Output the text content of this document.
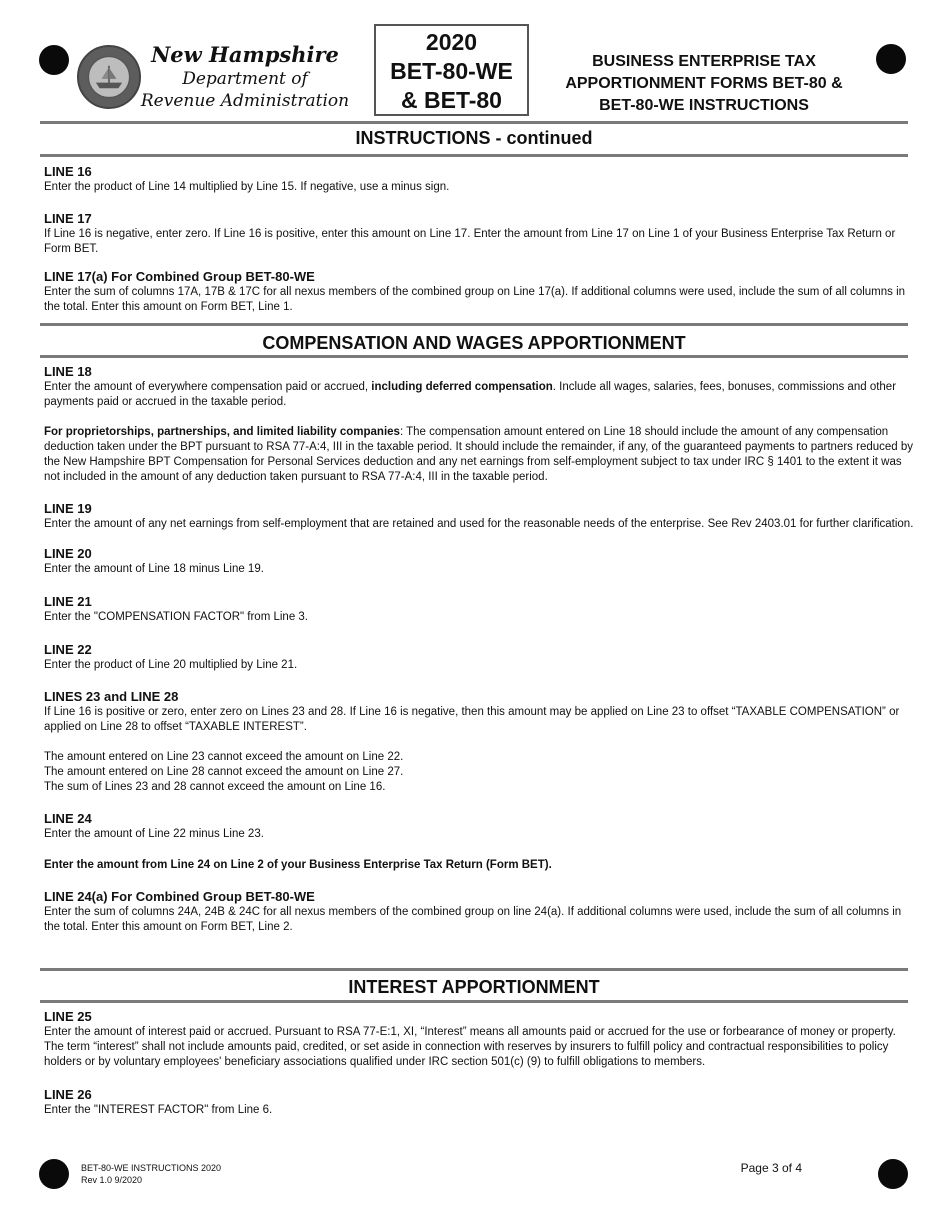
New Hampshire
Department of
Revenue Administration
2020
BET-80-WE
& BET-80
BUSINESS ENTERPRISE TAX
APPORTIONMENT FORMS BET-80 &
BET-80-WE INSTRUCTIONS
INSTRUCTIONS - continued
LINE 16

Enter the product of Line 14 multiplied by Line 15. If negative, use a minus sign.

LINE 17

If Line 16 is negative, enter zero. If Line 16 is positive, enter this amount on Line 17. Enter the amount from Line 17 on Line 1 of your Business Enterprise Tax Return or Form BET.

LINE 17(a) For Combined Group BET-80-WE

Enter the sum of columns 17A, 17B & 17C for all nexus members of the combined group on Line 17(a). If additional columns were used, include the sum of all columns in the total. Enter this amount on Form BET, Line 1.

COMPENSATION AND WAGES APPORTIONMENT
LINE 18

Enter the amount of everywhere compensation paid or accrued, including deferred compensation. Include all wages, salaries, fees, bonuses, commissions and other payments paid or accrued in the taxable period.

For proprietorships, partnerships, and limited liability companies: The compensation amount entered on Line 18 should include the amount of any compensation deduction taken under the BPT pursuant to RSA 77-A:4, III in the taxable period. It should include the remainder, if any, of the guaranteed payments to partners reduced by the New Hampshire BPT Compensation for Personal Services deduction and any net earnings from self-employment subject to tax under IRC § 1401 to the extent it was not included in the amount of any deduction taken pursuant to RSA 77-A:4, III in the taxable period.

LINE 19

Enter the amount of any net earnings from self-employment that are retained and used for the reasonable needs of the enterprise. See Rev 2403.01 for further clarification.

LINE 20

Enter the amount of Line 18 minus Line 19.

LINE 21

Enter the "COMPENSATION FACTOR" from Line 3.

LINE 22

Enter the product of Line 20 multiplied by Line 21.

LINES 23 and LINE 28

If Line 16 is positive or zero, enter zero on Lines 23 and 28. If Line 16 is negative, then this amount may be applied on Line 23 to offset “TAXABLE COMPENSATION” or applied on Line 28 to offset “TAXABLE INTEREST”.

The amount entered on Line 23 cannot exceed the amount on Line 22.

The amount entered on Line 28 cannot exceed the amount on Line 27.

The sum of Lines 23 and 28 cannot exceed the amount on Line 16.

LINE 24

Enter the amount of Line 22 minus Line 23.

Enter the amount from Line 24 on Line 2 of your Business Enterprise Tax Return (Form BET).

LINE 24(a) For Combined Group BET-80-WE

Enter the sum of columns 24A, 24B & 24C for all nexus members of the combined group on line 24(a). If additional columns were used, include the sum of all columns in the total. Enter this amount on Form BET, Line 2.

INTEREST APPORTIONMENT
LINE 25

Enter the amount of interest paid or accrued. Pursuant to RSA 77-E:1, XI, “Interest” means all amounts paid or accrued for the use or forbearance of money or property. The term “interest” shall not include amounts paid, credited, or set aside in connection with reserves by insurers to fulfill policy and contractual responsibilities to policy holders or by voluntary employees' beneficiary associations qualified under IRC section 501(c) (9) to fulfill obligations to members.

LINE 26

Enter the "INTEREST FACTOR" from Line 6.

BET-80-WE INSTRUCTIONS 2020
Rev 1.0 9/2020
Page 3 of 4
